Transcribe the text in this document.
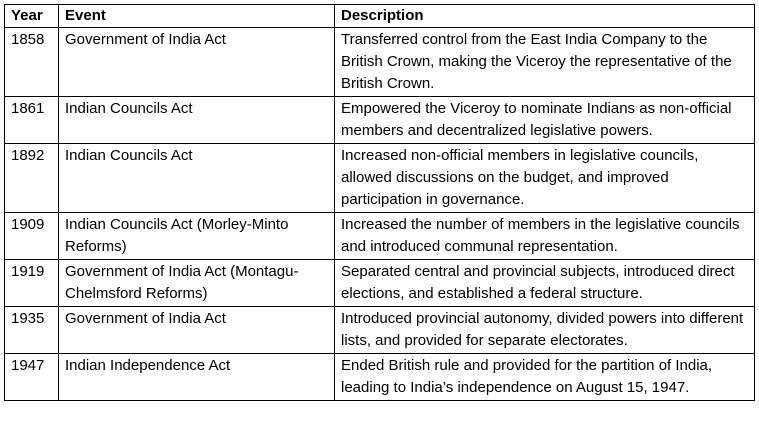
Year	Event	Description
1858	Government of India Act	Transferred control from the East India Company to the British Crown, making the Viceroy the representative of the British Crown.
1861	Indian Councils Act	Empowered the Viceroy to nominate Indians as non-official members and decentralized legislative powers.
1892	Indian Councils Act	Increased non-official members in legislative councils, allowed discussions on the budget, and improved participation in governance.
1909	Indian Councils Act (Morley-Minto Reforms)	Increased the number of members in the legislative councils and introduced communal representation.
1919	Government of India Act (Montagu-Chelmsford Reforms)	Separated central and provincial subjects, introduced direct elections, and established a federal structure.
1935	Government of India Act	Introduced provincial autonomy, divided powers into different lists, and provided for separate electorates.
1947	Indian Independence Act	Ended British rule and provided for the partition of India, leading to India’s independence on August 15, 1947.
